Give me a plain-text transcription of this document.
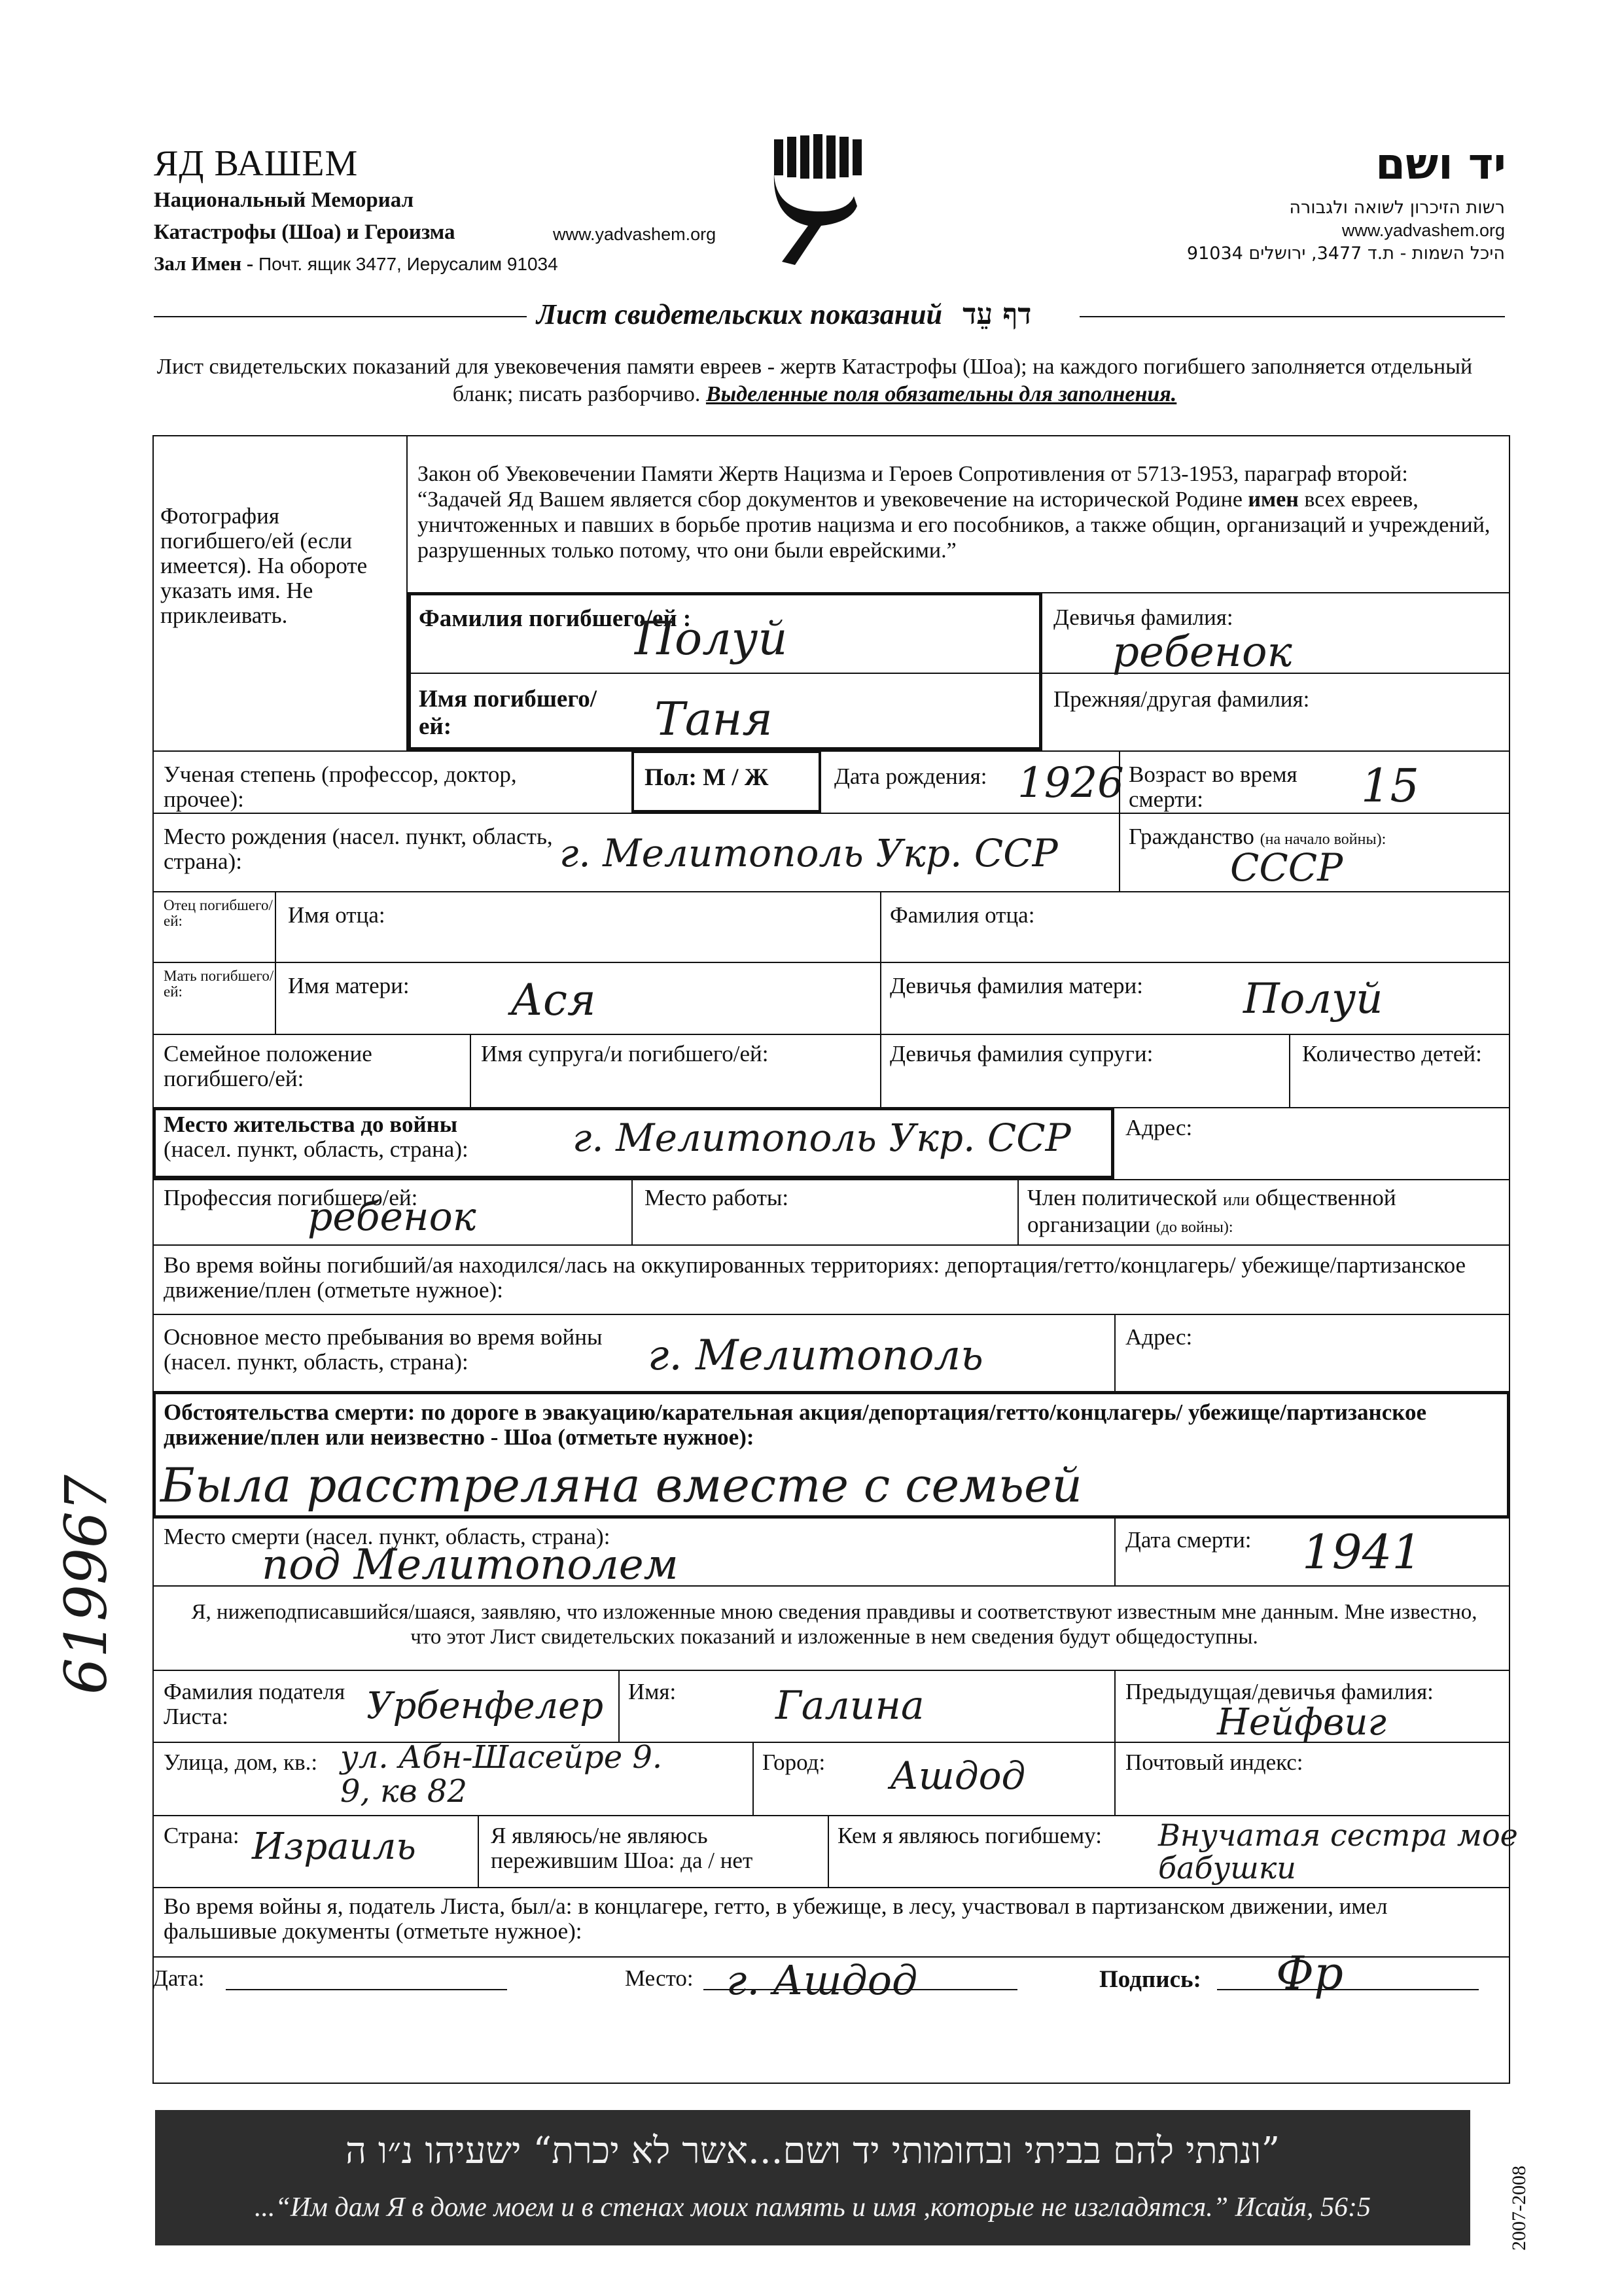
ЯД ВАШЕМ
Национальный Мемориал
Катастрофы (Шоа) и Героизма	www.yadvashem.org
Зал Имен - Почт. ящик 3477, Иерусалим 91034
יד ושם
רשות הזיכרון לשואה ולגבורה
www.yadvashem.org
היכל השמות - ת.ד 3477, ירושלים 91034
Лист свидетельских показаний דף עֵד
Лист свидетельских показаний для увековечения памяти евреев - жертв Катастрофы (Шоа); на каждого погибшего заполняется отдельный бланк; писать разборчиво. Выделенные поля обязательны для заполнения.
Фотография погибшего/ей (если имеется). На обороте указать имя. Не приклеивать.
Закон об Увековечении Памяти Жертв Нацизма и Героев Сопротивления от 5713-1953, параграф второй: “Задачей Яд Вашем является сбор документов и увековечение на исторической Родине имен всех евреев, уничтоженных и павших в борьбе против нацизма и его пособников, а также общин, организаций и учреждений, разрушенных только потому, что они были еврейскими.”
Фамилия погибшего/ей :
Полуй	Девичья фамилия:
ребенок
Имя погибшего/ей:	Таня	Прежняя/другая фамилия:
Ученая степень (профессор, доктор, прочее):
Пол: М / Ж	Дата рождения: 1926 Возраст во время смерти:	15
Место рождения (насел. пункт, область, страна):	г. Мелитополь Укр. ССР	Гражданство (на начало войны):
СССР
Отец погибшего/ ей:	Имя отца:	Фамилия отца:
Мать погибшего/ ей:	Имя матери: Ася	Девичья фамилия матери: Полуй
Семейное положение погибшего/ей:
Имя супруга/и погибшего/ей:	Девичья фамилия супруги:	Количество детей:
Место жительства до войны
(насел. пункт, область, страна):	г. Мелитополь Укр. ССР Адрес:
Профессия погибшего/ей:
ребенок	Место работы:	Член политической или общественной организации (до войны):
Во время войны погибший/ая находился/лась на оккупированных территориях: депортация/гетто/концлагерь/ убежище/партизанское движение/плен (отметьте нужное):
Основное место пребывания во время войны (насел. пункт, область, страна):	г. Мелитополь	Адрес:
Обстоятельства смерти: по дороге в эвакуацию/карательная акция/депортация/гетто/концлагерь/ убежище/партизанское движение/плен или неизвестно - Шоа (отметьте нужное):
Была расстреляна вместе с семьей
Место смерти (насел. пункт, область, страна):
под Мелитополем
Дата смерти: 1941
Я, нижеподписавшийся/шаяся, заявляю, что изложенные мною сведения правдивы и соответствуют известным мне данным. Мне известно, что этот Лист свидетельских показаний и изложенные в нем сведения будут общедоступны.
Фамилия подателя Листа:	Урбенфелер Имя:	Галина	Предыдущая/девичья фамилия:
Нейфвиг
Улица, дом, кв.: ул. Абн-Шасейре 9. 9, кв 82
Город: Ашдод	Почтовый индекс:
Страна: Израиль	Я являюсь/не являюсь пережившим Шоа: да / нет
Кем я являюсь погибшему:	Внучатая сестра мое бабушки
Во время войны я, податель Листа, был/а: в концлагере, гетто, в убежище, в лесу, участвовал в партизанском движении, имел фальшивые документы (отметьте нужное):
Дата:	Место: г. Ашдод	Подпись: Фр
”ונתתי להם בביתי ובחומותי יד ושם...אשר לא יכרת“ ישעיהו נ״ו ה
...“Им дам Я в доме моем и в стенах моих память и имя ,которые не изгладятся.” Исайя, 56:5
619967
2007-2008
